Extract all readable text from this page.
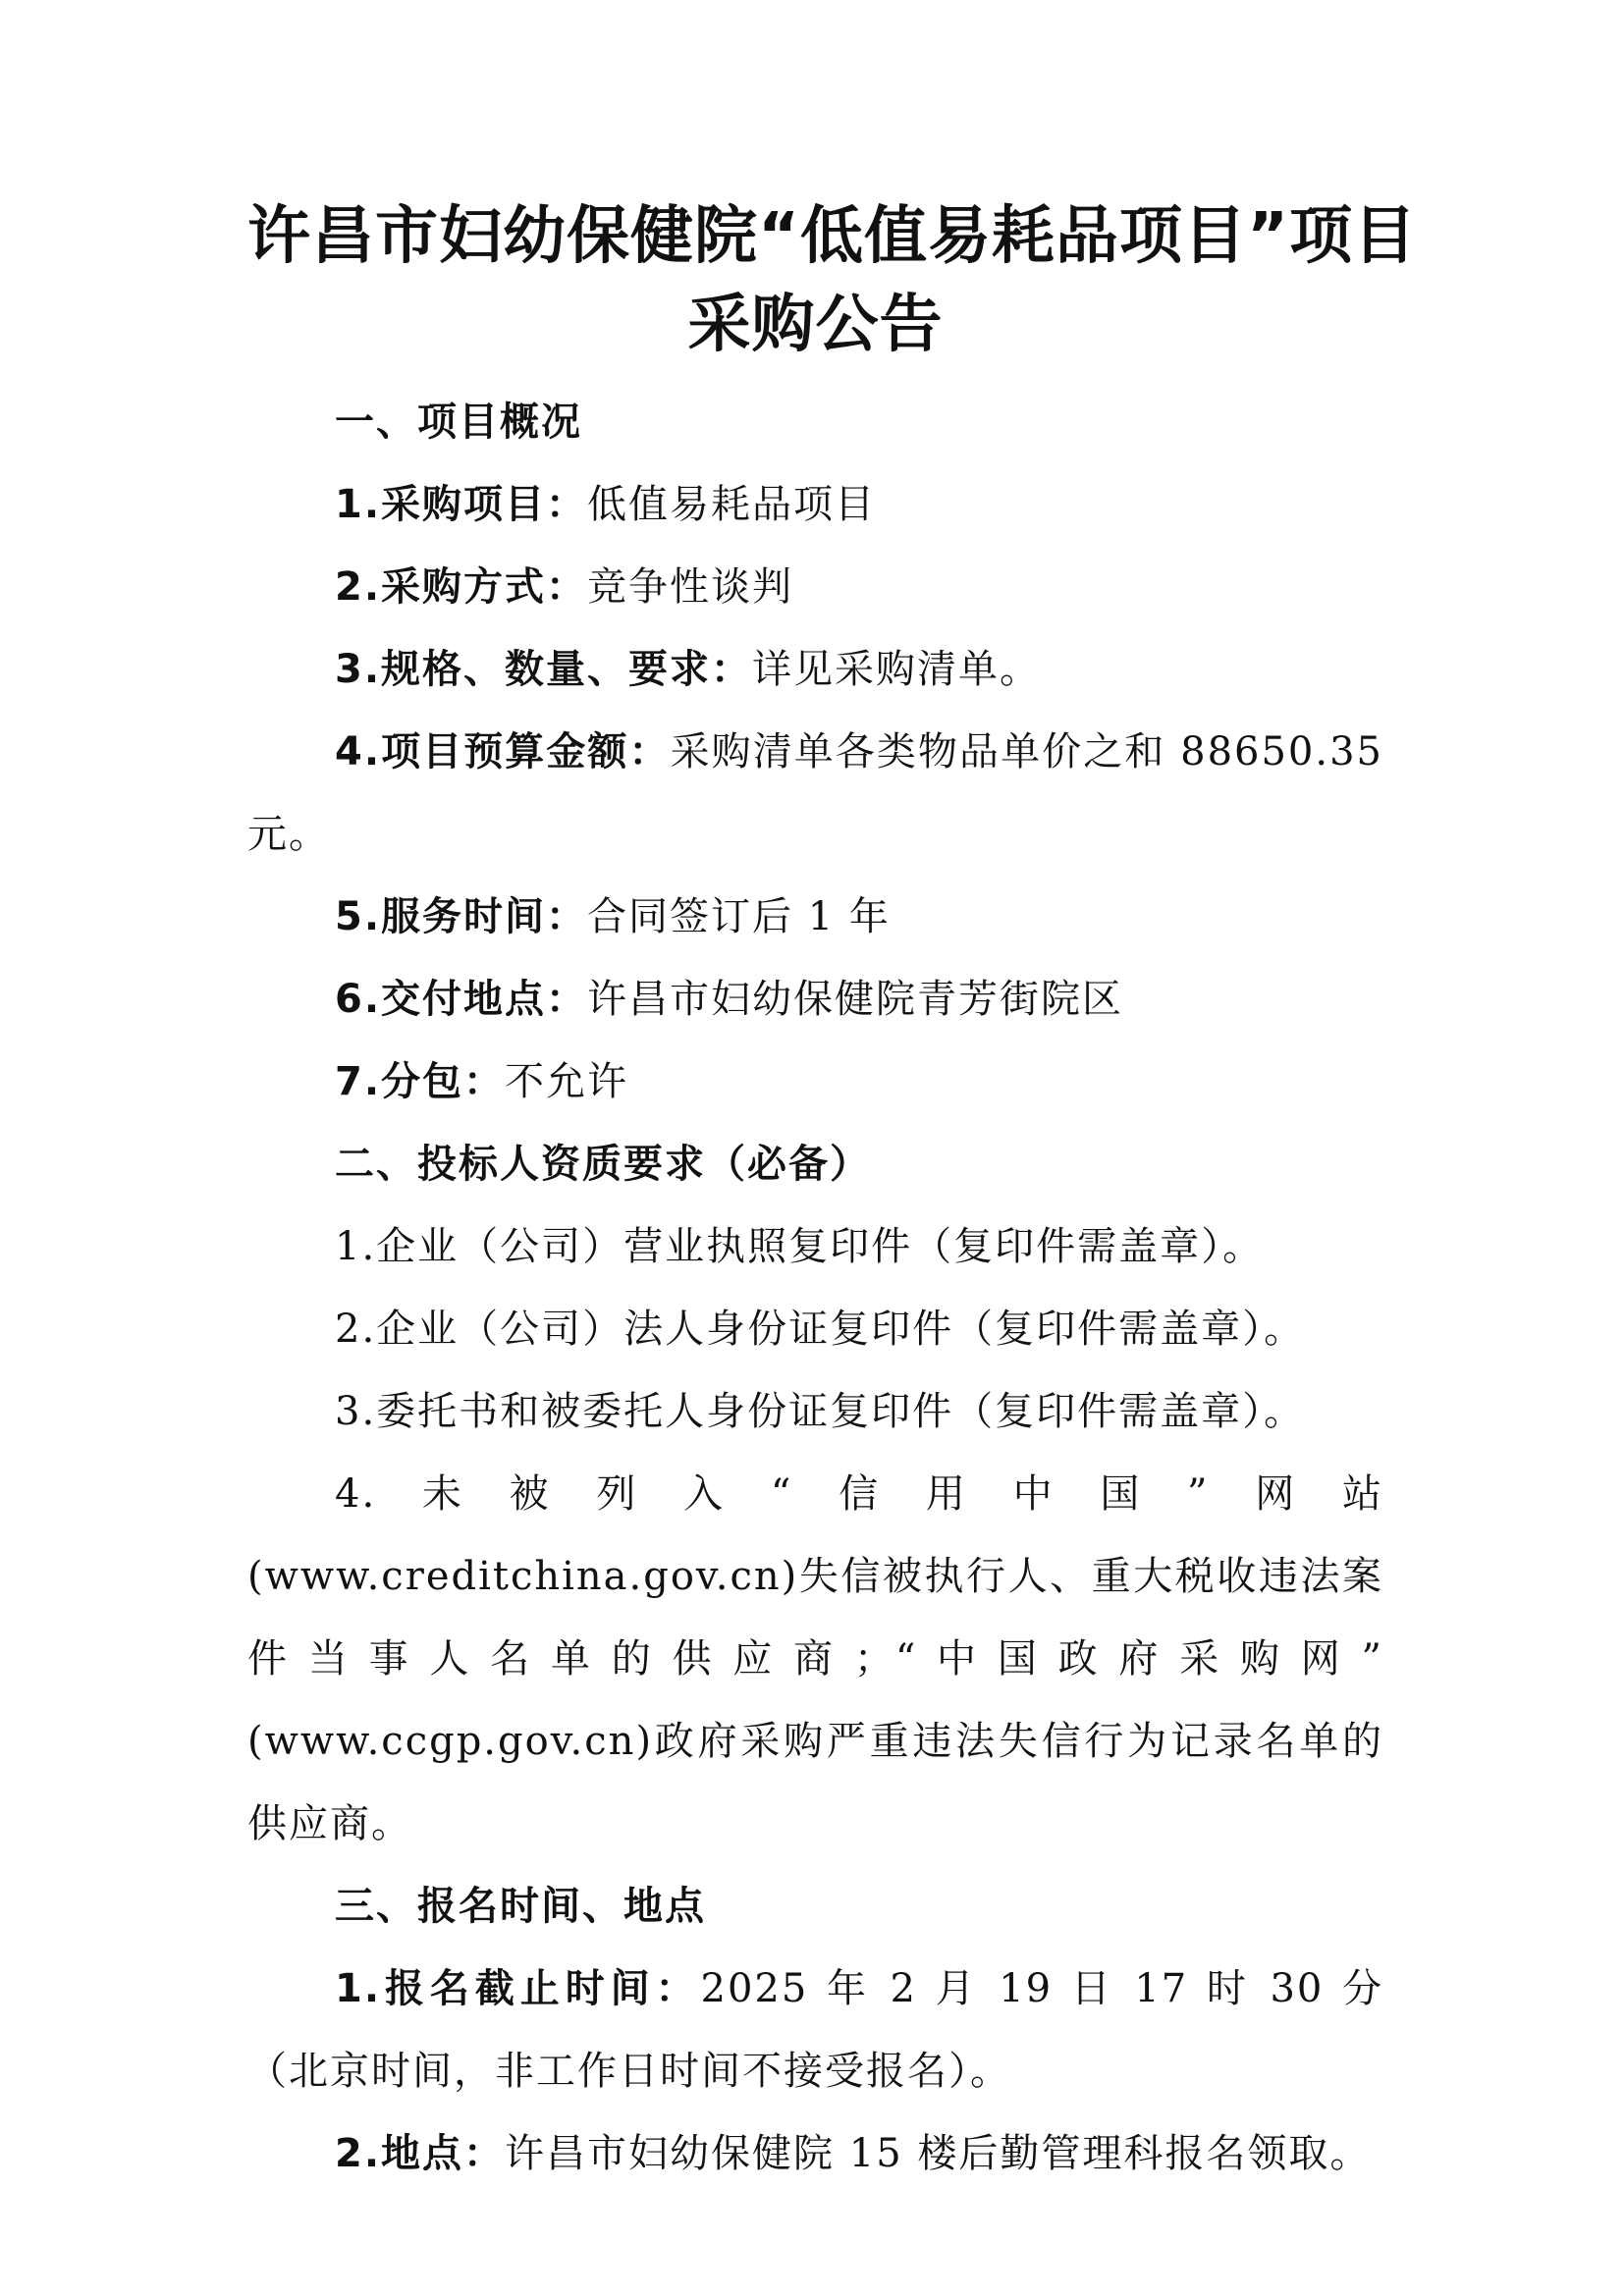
许昌市妇幼保健院“低值易耗品项目”项目
采购公告

一、项目概况

1.采购项目：低值易耗品项目

2.采购方式：竞争性谈判

3.规格、数量、要求：详见采购清单。

4.项目预算金额：采购清单各类物品单价之和 88650.35 元。

5.服务时间：合同签订后 1 年

6.交付地点：许昌市妇幼保健院青芳街院区

7.分包：不允许

二、投标人资质要求（必备）

1.企业（公司）营业执照复印件（复印件需盖章）。

2.企业（公司）法人身份证复印件（复印件需盖章）。

3.委托书和被委托人身份证复印件（复印件需盖章）。

4.未被列入“信用中国”网站(www.creditchina.gov.cn)失信被执行人、重大税收违法案件当事人名单的供应商；“中国政府采购网” (www.ccgp.gov.cn)政府采购严重违法失信行为记录名单的供应商。

三、报名时间、地点

1.报名截止时间：2025 年 2 月 19 日 17 时 30 分（北京时间，非工作日时间不接受报名）。

2.地点：许昌市妇幼保健院 15 楼后勤管理科报名领取。
